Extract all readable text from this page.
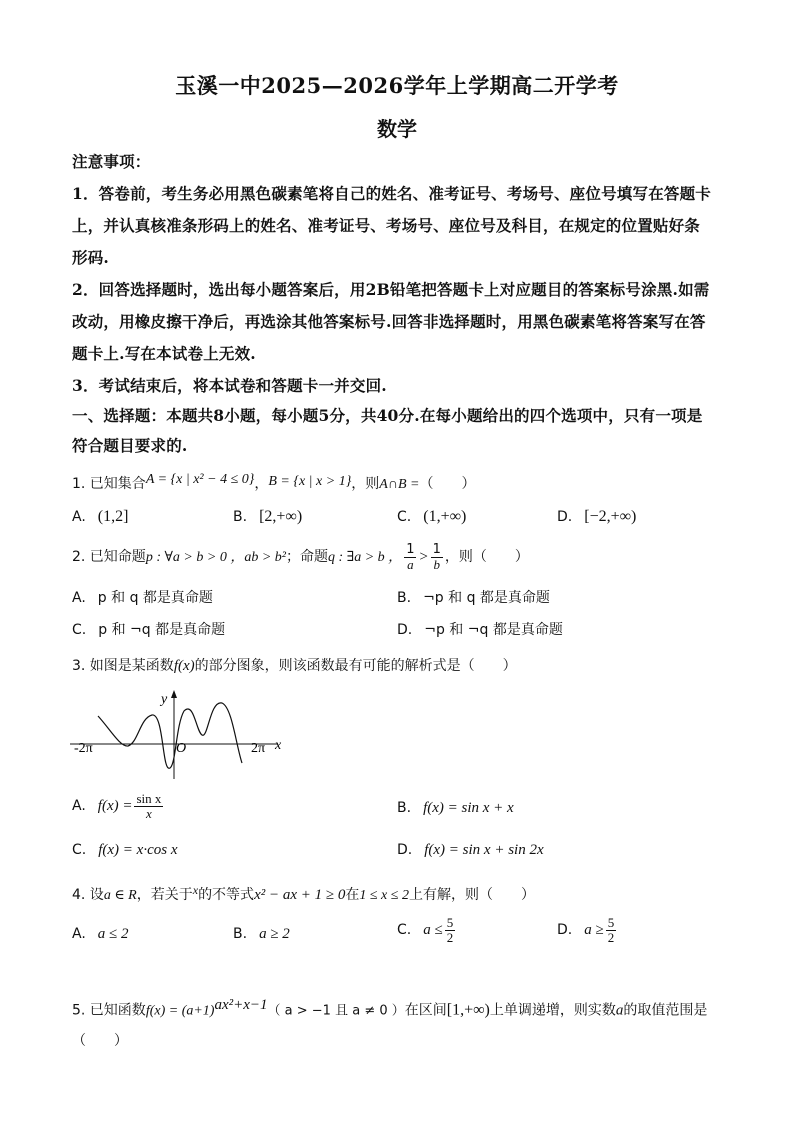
玉溪一中2025—2026学年上学期高二开学考
数学
注意事项：
1．答卷前，考生务必用黑色碳素笔将自己的姓名、准考证号、考场号、座位号填写在答题卡
上，并认真核准条形码上的姓名、准考证号、考场号、座位号及科目，在规定的位置贴好条
形码.
2．回答选择题时，选出每小题答案后，用2B铅笔把答题卡上对应题目的答案标号涂黑.如需
改动，用橡皮擦干净后，再选涂其他答案标号.回答非选择题时，用黑色碳素笔将答案写在答
题卡上.写在本试卷上无效.
3．考试结束后，将本试卷和答题卡一并交回.
一、选择题：本题共8小题，每小题5分，共40分.在每小题给出的四个选项中，只有一项是
符合题目要求的.
1. 已知集合A = {x | x² − 4 ≤ 0}，B = {x | x > 1}，则A∩B =（　　）
A. (1,2]	B. [2,+∞)	C. (1,+∞)	D. [−2,+∞)
2. 已知命题p : ∀a > b > 0 ，ab > b²；命题q : ∃a > b ， $\frac{1}{a} > \frac{1}{b}$ ，则（　　）
A. p 和 q 都是真命题	B. ¬p 和 q 都是真命题
C. p 和 ¬q 都是真命题	D. ¬p 和 ¬q 都是真命题
3. 如图是某函数f(x)的部分图象，则该函数最有可能的解析式是（　　）
y
x
O
-2π	2π
A. $f(x) = \frac{\text{sin x}}{x}$	B. f(x) = sin x + x
C. f(x) = x·cos x	D. f(x) = sin x + sin 2x
4. 设a ∈ R，若关于x的不等式x² − ax + 1 ≥ 0在1 ≤ x ≤ 2上有解，则（　　）
A. a ≤ 2	B. a ≥ 2	C. $a \le \frac{5}{2}$	D. $a \ge \frac{5}{2}$
5. 已知函数$f(x) = (a+1)^{ax^2+x-1}$（ a > −1 且 a ≠ 0 ）在区间[1,+∞)上单调递增，则实数a的取值范围是
（　　）
